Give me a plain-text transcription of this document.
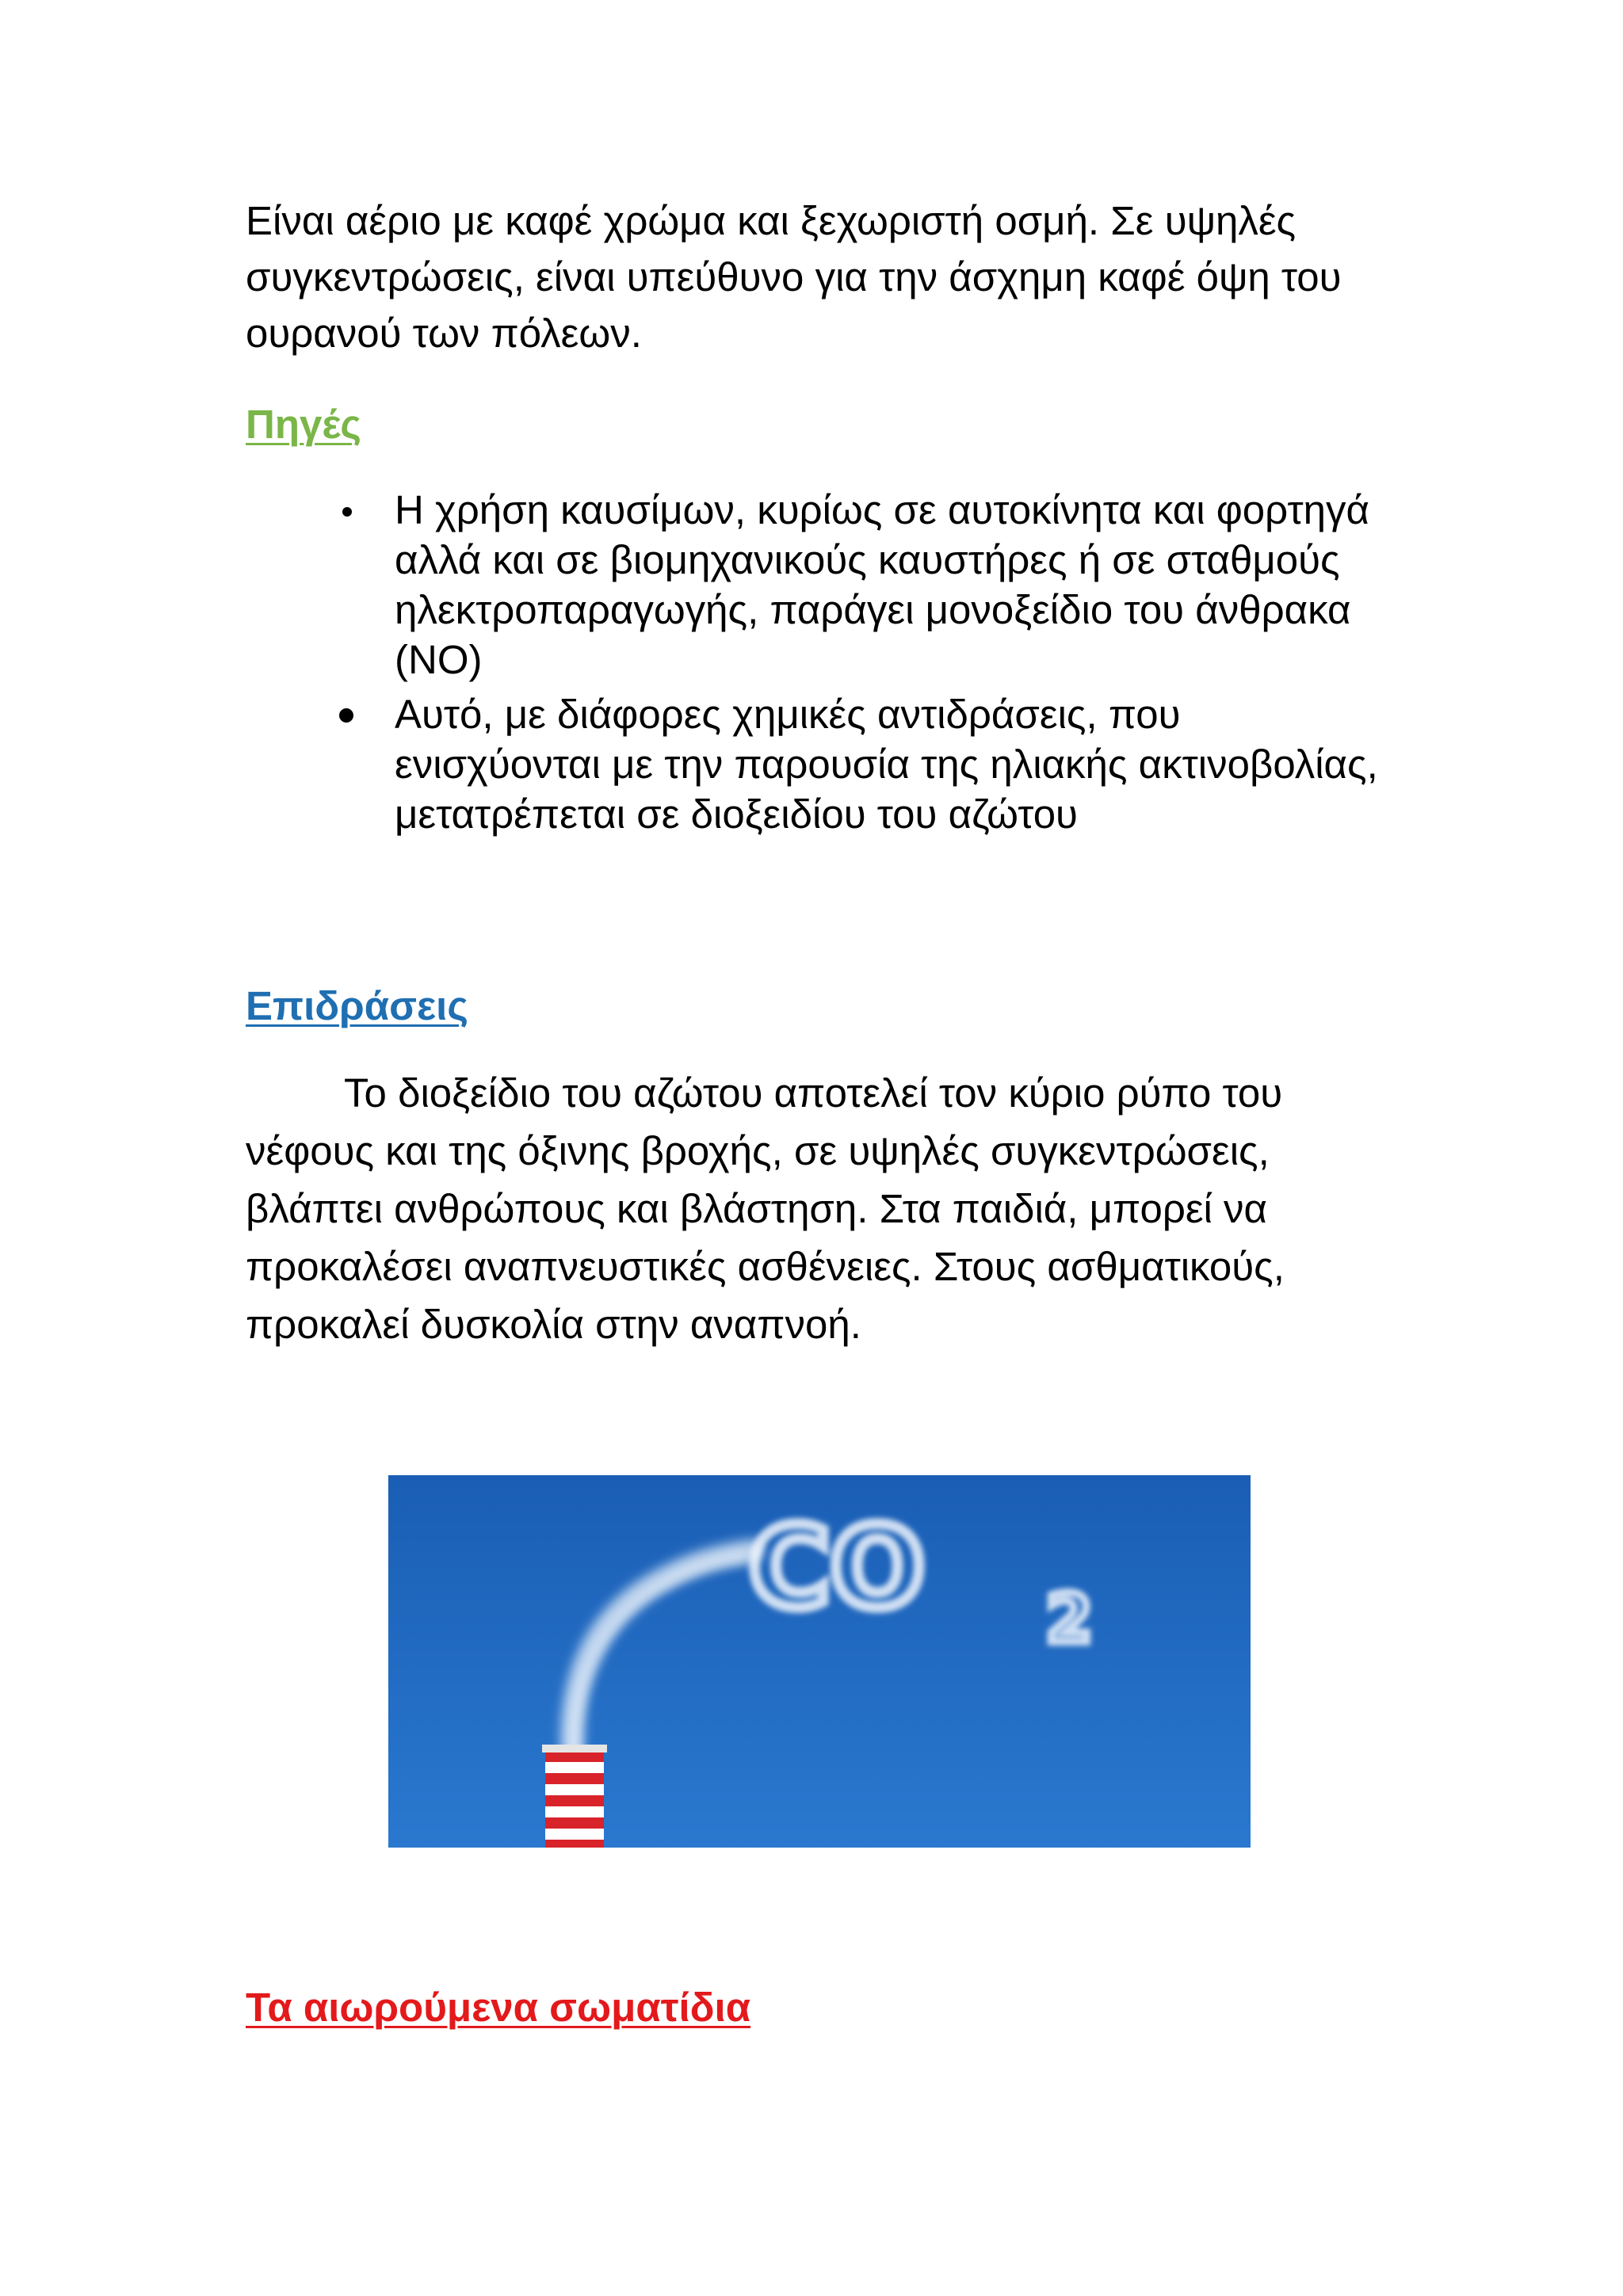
Είναι αέριο με καφέ χρώμα και ξεχωριστή οσμή. Σε υψηλές συγκεντρώσεις, είναι υπεύθυνο για την άσχημη καφέ όψη του ουρανού των πόλεων.

Πηγές
Η χρήση καυσίμων, κυρίως σε αυτοκίνητα και φορτηγά αλλά και σε βιομηχανικούς καυστήρες ή σε σταθμούς ηλεκτροπαραγωγής, παράγει μονοξείδιο του άνθρακα (NO)
Αυτό, με διάφορες χημικές αντιδράσεις, που ενισχύονται με την παρουσία της ηλιακής ακτινοβολίας, μετατρέπεται σε διοξειδίου του αζώτου
Επιδράσεις

Το διοξείδιο του αζώτου αποτελεί τον κύριο ρύπο του νέφους και της όξινης βροχής, σε υψηλές συγκεντρώσεις, βλάπτει ανθρώπους και βλάστηση. Στα παιδιά, μπορεί να προκαλέσει αναπνευστικές ασθένειες. Στους ασθματικούς, προκαλεί δυσκολία στην αναπνοή.

CO 2
Τα αιωρούμενα σωματίδια
